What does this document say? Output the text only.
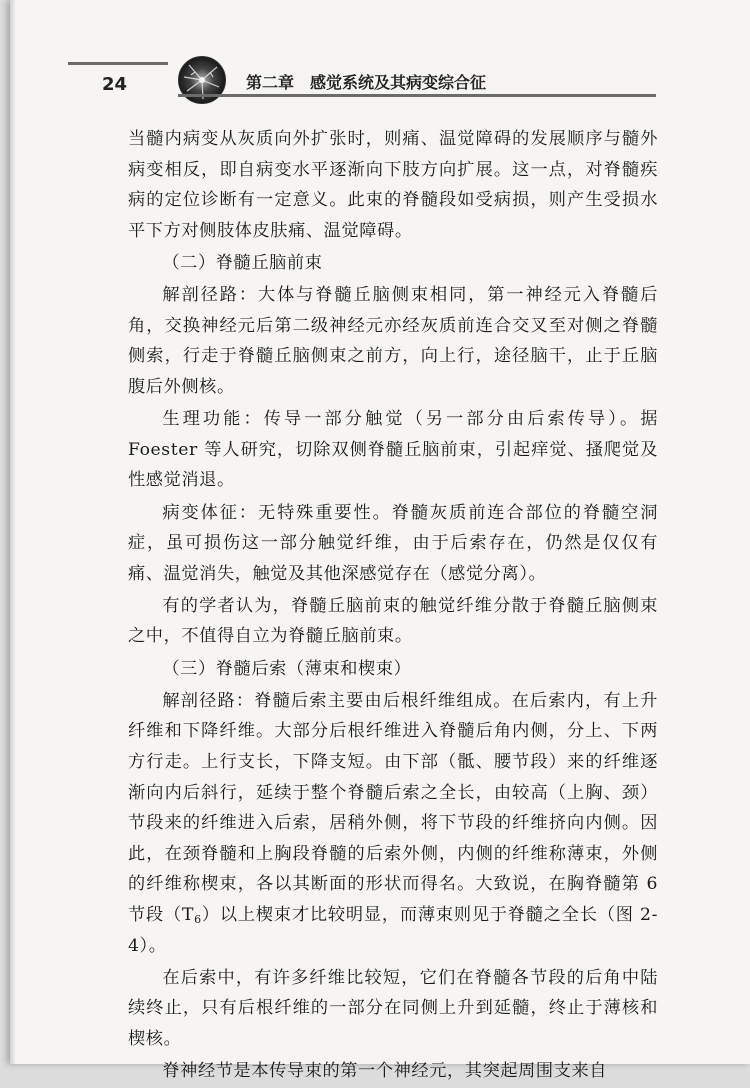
24	第二章　感觉系统及其病变综合征

当髓内病变从灰质向外扩张时，则痛、温觉障碍的发展顺序与髓外病变相反，即自病变水平逐渐向下肢方向扩展。这一点，对脊髓疾病的定位诊断有一定意义。此束的脊髓段如受病损，则产生受损水平下方对侧肢体皮肤痛、温觉障碍。

（二）脊髓丘脑前束

解剖径路：大体与脊髓丘脑侧束相同，第一神经元入脊髓后角，交换神经元后第二级神经元亦经灰质前连合交叉至对侧之脊髓侧索，行走于脊髓丘脑侧束之前方，向上行，途径脑干，止于丘脑腹后外侧核。

生理功能：传导一部分触觉（另一部分由后索传导）。据Foester 等人研究，切除双侧脊髓丘脑前束，引起痒觉、搔爬觉及性感觉消退。

病变体征：无特殊重要性。脊髓灰质前连合部位的脊髓空洞症，虽可损伤这一部分触觉纤维，由于后索存在，仍然是仅仅有痛、温觉消失，触觉及其他深感觉存在（感觉分离）。

有的学者认为，脊髓丘脑前束的触觉纤维分散于脊髓丘脑侧束之中，不值得自立为脊髓丘脑前束。

（三）脊髓后索（薄束和楔束）

解剖径路：脊髓后索主要由后根纤维组成。在后索内，有上升纤维和下降纤维。大部分后根纤维进入脊髓后角内侧，分上、下两方行走。上行支长，下降支短。由下部（骶、腰节段）来的纤维逐渐向内后斜行，延续于整个脊髓后索之全长，由较高（上胸、颈）节段来的纤维进入后索，居稍外侧，将下节段的纤维挤向内侧。因此，在颈脊髓和上胸段脊髓的后索外侧，内侧的纤维称薄束，外侧的纤维称楔束，各以其断面的形状而得名。大致说，在胸脊髓第 6 节段$(T_6)$以上楔束才比较明显，而薄束则见于脊髓之全长（图 2-4）。

在后索中，有许多纤维比较短，它们在脊髓各节段的后角中陆续终止，只有后根纤维的一部分在同侧上升到延髓，终止于薄核和楔核。

脊神经节是本传导束的第一个神经元，其突起周围支来自
